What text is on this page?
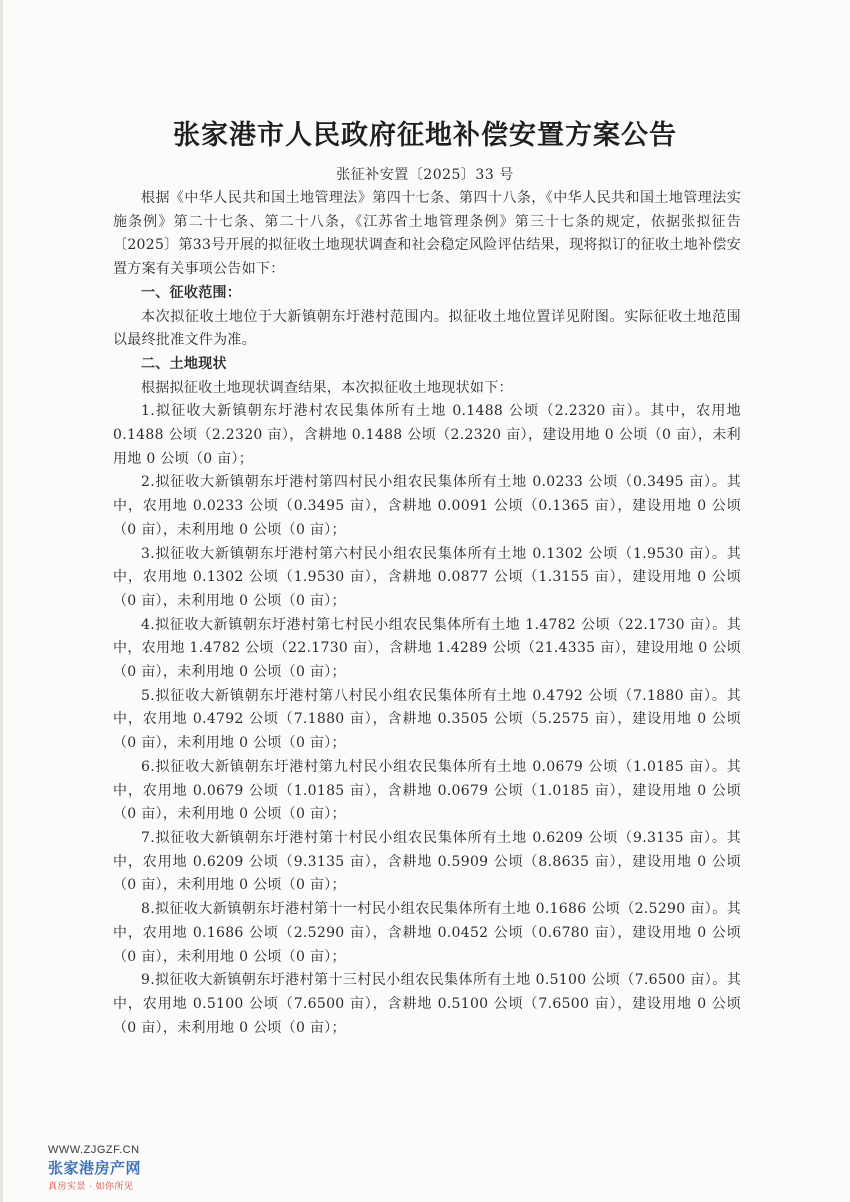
张家港市人民政府征地补偿安置方案公告
张征补安置〔2025〕33 号

根据《中华人民共和国土地管理法》第四十七条、第四十八条，《中华人民共和国土地管理法实施条例》第二十七条、第二十八条，《江苏省土地管理条例》第三十七条的规定，依据张拟征告〔2025〕第33号开展的拟征收土地现状调查和社会稳定风险评估结果，现将拟订的征收土地补偿安置方案有关事项公告如下：

一、征收范围：

本次拟征收土地位于大新镇朝东圩港村范围内。拟征收土地位置详见附图。实际征收土地范围以最终批准文件为准。

二、土地现状

根据拟征收土地现状调查结果，本次拟征收土地现状如下：

1.拟征收大新镇朝东圩港村农民集体所有土地 0.1488 公顷（2.2320 亩）。其中，农用地 0.1488 公顷（2.2320 亩），含耕地 0.1488 公顷（2.2320 亩），建设用地 0 公顷（0 亩），未利用地 0 公顷（0 亩）；

2.拟征收大新镇朝东圩港村第四村民小组农民集体所有土地 0.0233 公顷（0.3495 亩）。其中，农用地 0.0233 公顷（0.3495 亩），含耕地 0.0091 公顷（0.1365 亩），建设用地 0 公顷（0 亩），未利用地 0 公顷（0 亩）；

3.拟征收大新镇朝东圩港村第六村民小组农民集体所有土地 0.1302 公顷（1.9530 亩）。其中，农用地 0.1302 公顷（1.9530 亩），含耕地 0.0877 公顷（1.3155 亩），建设用地 0 公顷（0 亩），未利用地 0 公顷（0 亩）；

4.拟征收大新镇朝东圩港村第七村民小组农民集体所有土地 1.4782 公顷（22.1730 亩）。其中，农用地 1.4782 公顷（22.1730 亩），含耕地 1.4289 公顷（21.4335 亩），建设用地 0 公顷（0 亩），未利用地 0 公顷（0 亩）；

5.拟征收大新镇朝东圩港村第八村民小组农民集体所有土地 0.4792 公顷（7.1880 亩）。其中，农用地 0.4792 公顷（7.1880 亩），含耕地 0.3505 公顷（5.2575 亩），建设用地 0 公顷（0 亩），未利用地 0 公顷（0 亩）；

6.拟征收大新镇朝东圩港村第九村民小组农民集体所有土地 0.0679 公顷（1.0185 亩）。其中，农用地 0.0679 公顷（1.0185 亩），含耕地 0.0679 公顷（1.0185 亩），建设用地 0 公顷（0 亩），未利用地 0 公顷（0 亩）；

7.拟征收大新镇朝东圩港村第十村民小组农民集体所有土地 0.6209 公顷（9.3135 亩）。其中，农用地 0.6209 公顷（9.3135 亩），含耕地 0.5909 公顷（8.8635 亩），建设用地 0 公顷（0 亩），未利用地 0 公顷（0 亩）；

8.拟征收大新镇朝东圩港村第十一村民小组农民集体所有土地 0.1686 公顷（2.5290 亩）。其中，农用地 0.1686 公顷（2.5290 亩），含耕地 0.0452 公顷（0.6780 亩），建设用地 0 公顷（0 亩），未利用地 0 公顷（0 亩）；

9.拟征收大新镇朝东圩港村第十三村民小组农民集体所有土地 0.5100 公顷（7.6500 亩）。其中，农用地 0.5100 公顷（7.6500 亩），含耕地 0.5100 公顷（7.6500 亩），建设用地 0 公顷（0 亩），未利用地 0 公顷（0 亩）；

WWW.ZJGZF.CN
张家港房产网
真房实景 · 如你所见
